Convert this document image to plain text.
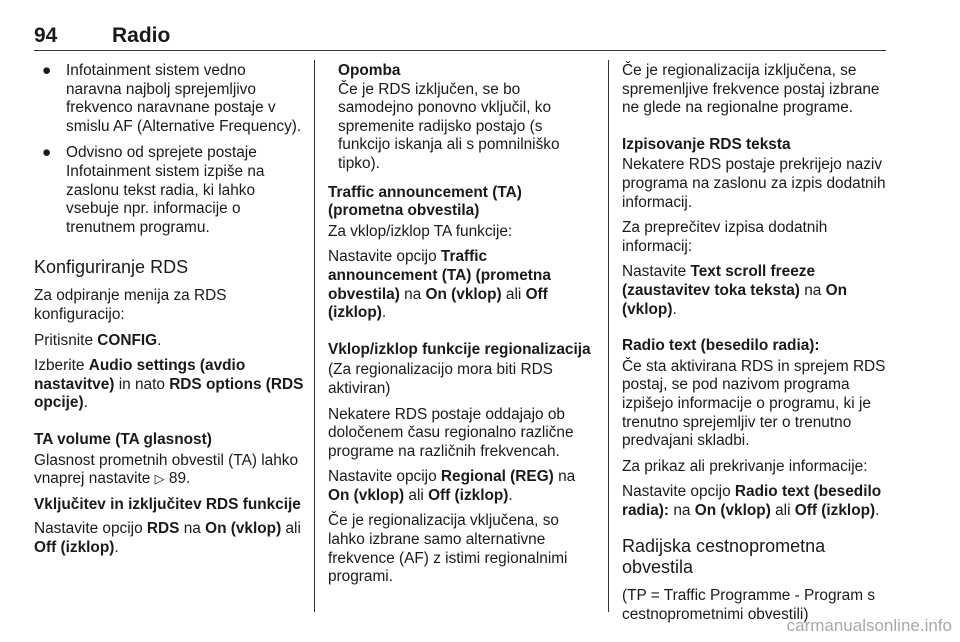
94	Radio
● Infotainment sistem vedno naravna najbolj sprejemljivo frekvenco naravnane postaje v smislu AF (Alternative Frequency).
● Odvisno od sprejete postaje Infotainment sistem izpiše na zaslonu tekst radia, ki lahko vsebuje npr. informacije o trenutnem programu.
Konfiguriranje RDS

Za odpiranje menija za RDS konfiguracijo:

Pritisnite CONFIG.

Izberite Audio settings (avdio nastavitve) in nato RDS options (RDS opcije).

TA volume (TA glasnost)

Glasnost prometnih obvestil (TA) lahko vnaprej nastavite ▷ 89.

Vključitev in izključitev RDS funkcije

Nastavite opcijo RDS na On (vklop) ali Off (izklop).

Opomba
Če je RDS izključen, se bo samodejno ponovno vključil, ko spremenite radijsko postajo (s funkcijo iskanja ali s pomnilniško tipko).
Traffic announcement (TA) (prometna obvestila)

Za vklop/izklop TA funkcije:

Nastavite opcijo Traffic announcement (TA) (prometna obvestila) na On (vklop) ali Off (izklop).

Vklop/izklop funkcije regionalizacija

(Za regionalizacijo mora biti RDS aktiviran)

Nekatere RDS postaje oddajajo ob določenem času regionalno različne programe na različnih frekvencah.

Nastavite opcijo Regional (REG) na On (vklop) ali Off (izklop).

Če je regionalizacija vključena, so lahko izbrane samo alternativne frekvence (AF) z istimi regionalnimi programi.

Če je regionalizacija izključena, se spremenljive frekvence postaj izbrane ne glede na regionalne programe.

Izpisovanje RDS teksta

Nekatere RDS postaje prekrijejo naziv programa na zaslonu za izpis dodatnih informacij.

Za preprečitev izpisa dodatnih informacij:

Nastavite Text scroll freeze (zaustavitev toka teksta) na On (vklop).

Radio text (besedilo radia):

Če sta aktivirana RDS in sprejem RDS postaj, se pod nazivom programa izpišejo informacije o programu, ki je trenutno sprejemljiv ter o trenutno predvajani skladbi.

Za prikaz ali prekrivanje informacije:

Nastavite opcijo Radio text (besedilo radia): na On (vklop) ali Off (izklop).

Radijska cestnoprometna obvestila

(TP = Traffic Programme - Program s cestnoprometnimi obvestili)

carmanualsonline.info
